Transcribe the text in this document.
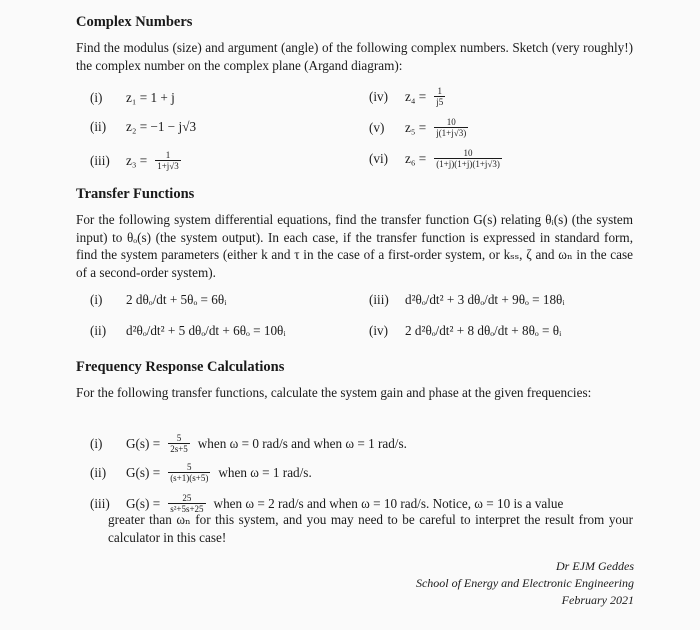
Complex Numbers

Find the modulus (size) and argument (angle) of the following complex numbers. Sketch (very roughly!) the complex number on the complex plane (Argand diagram):

(i)	z₁ = 1 + j
(ii)	z₂ = −1 − j√3
(iii)	$z_3 = \frac{1}{1+j√3}$
(iv)	$z_4 = \frac{1}{j5}$
(v)	$z_5 = \frac{10}{j(1+j√3)}$
(vi)	$z_6 = \frac{10}{(1+j)(1+j)(1+j√3)}$
Transfer Functions

For the following system differential equations, find the transfer function G(s) relating θᵢ(s) (the system input) to θₒ(s) (the system output). In each case, if the transfer function is expressed in standard form, find the system parameters (either k and τ in the case of a first-order system, or kₛₛ, ζ and ωₙ in the case of a second-order system).

(i)	2 dθₒ/dt + 5θₒ = 6θᵢ
(ii)	d²θₒ/dt² + 5 dθₒ/dt + 6θₒ = 10θᵢ
(iii)	d²θₒ/dt² + 3 dθₒ/dt + 9θₒ = 18θᵢ
(iv)	2 d²θₒ/dt² + 8 dθₒ/dt + 8θₒ = θᵢ
Frequency Response Calculations

For the following transfer functions, calculate the system gain and phase at the given frequencies:

(i)	$G(s) = \frac{5}{2s+5}$ when ω = 0 rad/s and when ω = 1 rad/s.
(ii)	$G(s) = \frac{5}{(s+1)(s+5)}$ when ω = 1 rad/s.
(iii)	$G(s) = \frac{25}{\text{s²+5s+25}}$ when ω = 2 rad/s and when ω = 10 rad/s. Notice, ω = 10 is a value

greater than ωₙ for this system, and you may need to be careful to interpret the result from your calculator in this case!

Dr EJM Geddes
School of Energy and Electronic Engineering
February 2021
